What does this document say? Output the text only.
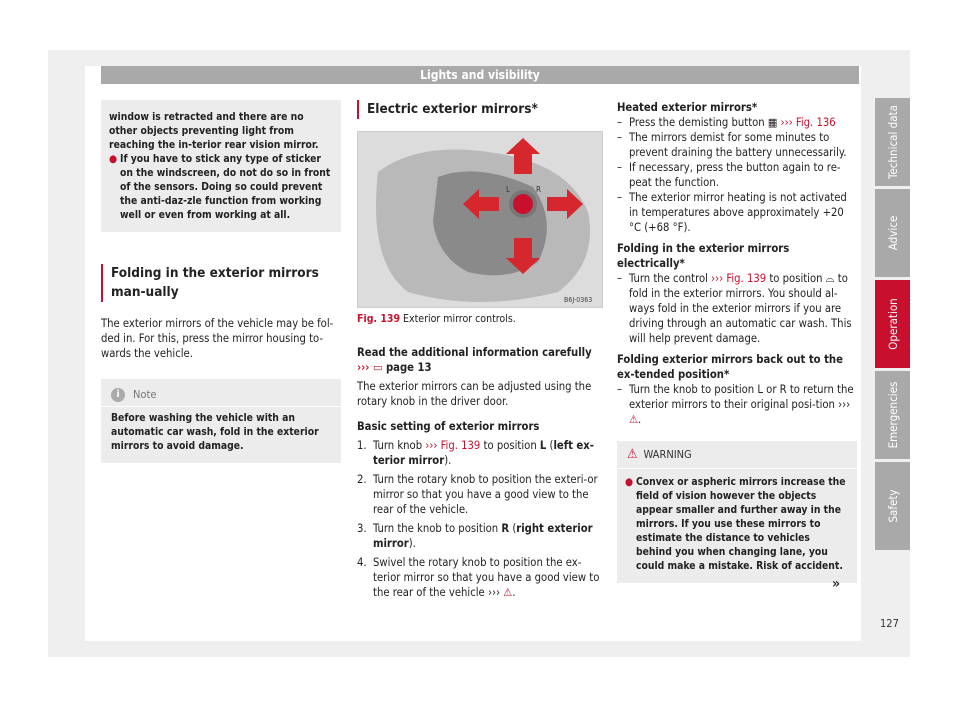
Lights and visibility

window is retracted and there are no other objects preventing light from reaching the in-terior rear vision mirror.

● If you have to stick any type of sticker on the windscreen, do not do so in front of the sensors. Doing so could prevent the anti-daz-zle function from working well or even from working at all.
Folding in the exterior mirrors man-ually

The exterior mirrors of the vehicle may be fol-ded in. For this, press the mirror housing to-wards the vehicle.

i	Note
Before washing the vehicle with an automatic car wash, fold in the exterior mirrors to avoid damage.
Electric exterior mirrors*
L	R
B6J-0363
Fig. 139 Exterior mirror controls.

Read the additional information carefully
››› ▭ page 13

The exterior mirrors can be adjusted using the rotary knob in the driver door.

Basic setting of exterior mirrors

1. Turn knob ››› Fig. 139 to position L (left ex-terior mirror).
2. Turn the rotary knob to position the exteri-or mirror so that you have a good view to the rear of the vehicle.
3. Turn the knob to position R (right exterior mirror).
4. Swivel the rotary knob to position the ex-terior mirror so that you have a good view to the rear of the vehicle ››› ⚠.

Heated exterior mirrors*

– Press the demisting button ▦ ››› Fig. 136
– The mirrors demist for some minutes to prevent draining the battery unnecessarily.
– If necessary, press the button again to re-peat the function.
– The exterior mirror heating is not activated in temperatures above approximately +20 °C (+68 °F).

Folding in the exterior mirrors electrically*

– Turn the control ››› Fig. 139 to position ⌓ to fold in the exterior mirrors. You should al-ways fold in the exterior mirrors if you are driving through an automatic car wash. This will help prevent damage.

Folding exterior mirrors back out to the ex-tended position*

– Turn the knob to position L or R to return the exterior mirrors to their original posi-tion ››› ⚠.
⚠ WARNING
● Convex or aspheric mirrors increase the field of vision however the objects appear smaller and further away in the mirrors. If you use these mirrors to estimate the distance to vehicles behind you when changing lane, you could make a mistake. Risk of accident.
»
Technical data
Advice
Operation
Emergencies
Safety
127
